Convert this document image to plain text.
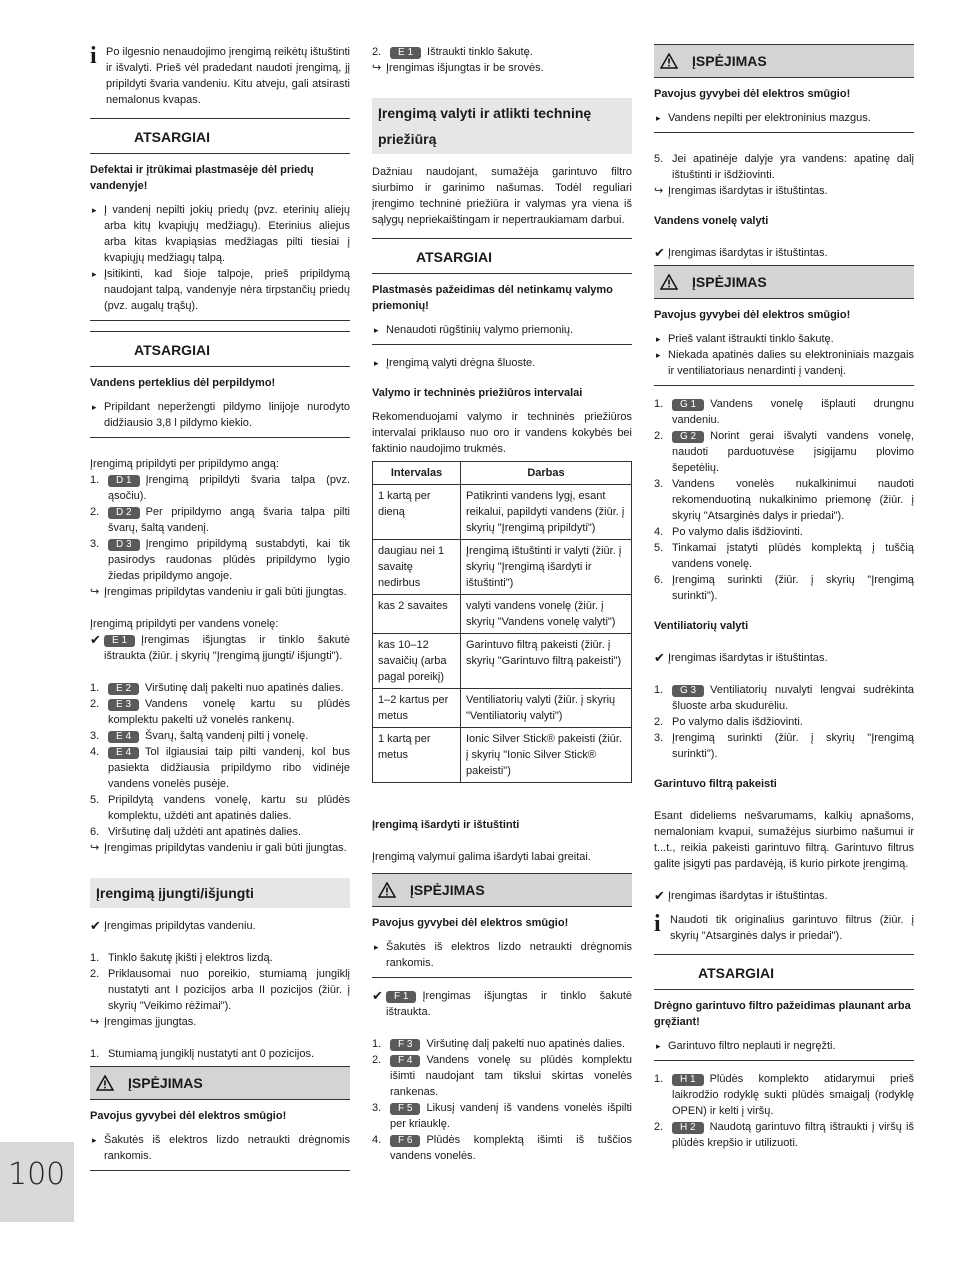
i Po ilgesnio nenaudojimo įrengimą reikėtų ištuštinti ir išvalyti. Prieš vėl pradedant naudoti įrengimą, jį pripildyti švaria vandeniu. Kitu atveju, gali atsirasti nemalonus kvapas.

ATSARGIAI
Defektai ir įtrūkimai plastmasėje dėl priedų vandenyje!
▸ Į vandenį nepilti jokių priedų (pvz. eterinių aliejų arba kitų kvapiųjų medžiagų). Eterinius aliejus arba kitas kvapiąsias medžiagas pilti tiesiai į kvapiųjų medžiagų talpą.
▸ Įsitikinti, kad šioje talpoje, prieš pripildymą naudojant talpą, vandenyje nėra tirpstančių priedų (pvz. augalų trąšų).
ATSARGIAI
Vandens perteklius dėl perpildymo!
▸ Pripildant neperžengti pildymo linijoje nurodyto didžiausio 3,8 l pildymo kiekio.

Įrengimą pripildyti per pripildymo angą:

1.	D 1 Įrengimą pripildyti švaria talpa (pvz. ąsočiu).
2.	D 2 Per pripildymo angą švaria talpa pilti švarų, šaltą vandenį.
3.	D 3 Įrengimo pripildymą sustabdyti, kai tik pasirodys raudonas plūdės pripildymo lygio žiedas pripildymo angoje.
↪ Įrengimas pripildytas vandeniu ir gali būti įjungtas.

Įrengimą pripildyti per vandens vonelę:

✔	E 1 Įrengimas išjungtas ir tinklo šakutė ištraukta (žiūr. į skyrių "Įrengimą įjungti/ išjungti").

1.	E 2 Viršutinę dalį pakelti nuo apatinės dalies.
2.	E 3 Vandens vonelę kartu su plūdės komplektu pakelti už vonelės rankenų.
3.	E 4 Švarų, šaltą vandenį pilti į vonelę.
4.	E 4 Tol ilgiausiai taip pilti vandenį, kol bus pasiekta didžiausia pripildymo ribo vidinėje vandens vonelės pusėje.
5. Pripildytą vandens vonelę, kartu su plūdės komplektu, uždėti ant apatinės dalies.
6. Viršutinę dalį uždėti ant apatinės dalies.
↪ Įrengimas pripildytas vandeniu ir gali būti įjungtas.

Įrengimą įjungti/išjungti
✔ Įrengimas pripildytas vandeniu.

1. Tinklo šakutę įkišti į elektros lizdą.
2. Priklausomai nuo poreikio, stumiamą jungiklį nustatyti ant I pozicijos arba II pozicijos (žiūr. į skyrių "Veikimo rėžimai").
↪ Įrengimas įjungtas.

1. Stumiamą jungiklį nustatyti ant 0 pozicijos.
ĮSPĖJIMAS
Pavojus gyvybei dėl elektros smūgio!
▸ Šakutės iš elektros lizdo netraukti drėgnomis rankomis.
2.	E 1 Ištraukti tinklo šakutę.
↪ Įrengimas išjungtas ir be srovės.

Įrengimą valyti ir atlikti techninę priežiūrą

Dažniau naudojant, sumažėja garintuvo filtro siurbimo ir garinimo našumas. Todėl reguliari įrengimo techninė priežiūra ir valymas yra viena iš sąlygų nepriekaištingam ir nepertraukiamam darbui.

ATSARGIAI
Plastmasės pažeidimas dėl netinkamų valymo priemonių!
▸ Nenaudoti rūgštinių valymo priemonių.
▸ Įrengimą valyti drėgna šluoste.
Valymo ir techninės priežiūros intervalai

Rekomenduojami valymo ir techninės priežiūros intervalai priklauso nuo oro ir vandens kokybės bei faktinio naudojimo trukmės.

Intervalas	Darbas
1 kartą per dieną	Patikrinti vandens lygį, esant reikalui, papildyti vandens (žiūr. į skyrių "Įrengimą pripildyti")
daugiau nei 1 savaitę nedirbus	Įrengimą ištuštinti ir valyti (žiūr. į skyrių "Įrengimą išardyti ir ištuštinti")
kas 2 savaites	valyti vandens vonelę (žiūr. į skyrių "Vandens vonelę valyti")
kas 10–12 savaičių (arba pagal poreikį)	Garintuvo filtrą pakeisti (žiūr. į skyrių "Garintuvo filtrą pakeisti")
1–2 kartus per metus	Ventiliatorių valyti (žiūr. į skyrių "Ventiliatorių valyti")
1 kartą per metus	Ionic Silver Stick® pakeisti (žiūr. į skyrių "Ionic Silver Stick® pakeisti")
Įrengimą išardyti ir ištuštinti

Įrengimą valymui galima išardyti labai greitai.

ĮSPĖJIMAS
Pavojus gyvybei dėl elektros smūgio!
▸ Šakutės iš elektros lizdo netraukti drėgnomis rankomis.
✔	F 1 Įrengimas išjungtas ir tinklo šakutė ištraukta.

1.	F 3 Viršutinę dalį pakelti nuo apatinės dalies.
2.	F 4 Vandens vonelę su plūdės komplektu išimti naudojant tam tikslui skirtas vonelės rankenas.
3.	F 5 Likusį vandenį iš vandens vonelės išpilti per kriauklę.
4.	F 6 Plūdės komplektą išimti iš tuščios vandens vonelės.
ĮSPĖJIMAS
Pavojus gyvybei dėl elektros smūgio!
▸ Vandens nepilti per elektroninius mazgus.
5. Jei apatinėje dalyje yra vandens: apatinę dalį ištuštinti ir išdžiovinti.
↪ Įrengimas išardytas ir ištuštintas.

Vandens vonelę valyti
✔ Įrengimas išardytas ir ištuštintas.

ĮSPĖJIMAS
Pavojus gyvybei dėl elektros smūgio!
▸ Prieš valant ištraukti tinklo šakutę.
▸ Niekada apatinės dalies su elektroniniais mazgais ir ventiliatoriaus nenardinti į vandenį.
1.	G 1 Vandens vonelę išplauti drungnu vandeniu.
2.	G 2 Norint gerai išvalyti vandens vonelę, naudoti parduotuvėse įsigijamu plovimo šepetėlių.
3. Vandens vonelės nukalkinimui naudoti rekomenduotiną nukalkinimo priemonę (žiūr. į skyrių "Atsarginės dalys ir priedai").
4. Po valymo dalis išdžiovinti.
5. Tinkamai įstatyti plūdės komplektą į tuščią vandens vonelę.
6. Įrengimą surinkti (žiūr. į skyrių "Įrengimą surinkti").
Ventiliatorių valyti
✔ Įrengimas išardytas ir ištuštintas.

1.	G 3 Ventiliatorių nuvalyti lengvai sudrėkinta šluoste arba skudurėliu.
2. Po valymo dalis išdžiovinti.
3. Įrengimą surinkti (žiūr. į skyrių "Įrengimą surinkti").
Garintuvo filtrą pakeisti

Esant dideliems nešvarumams, kalkių apnašoms, nemaloniam kvapui, sumažėjus siurbimo našumui ir t...t., reikia pakeisti garintuvo filtrą. Garintuvo filtrus galite įsigyti pas pardavėją, iš kurio pirkote įrengimą.

✔ Įrengimas išardytas ir ištuštintas.

i Naudoti tik originalius garintuvo filtrus (žiūr. į skyrių "Atsarginės dalys ir priedai").

ATSARGIAI
Drėgno garintuvo filtro pažeidimas plaunant arba gręžiant!
▸ Garintuvo filtro neplauti ir negręžti.
1.	H 1 Plūdės komplekto atidarymui prieš laikrodžio rodyklę sukti plūdės smaigalį (rodyklę OPEN) ir kelti į viršų.
2.	H 2 Naudotą garintuvo filtrą ištraukti į viršų iš plūdės krepšio ir utilizuoti.
100
